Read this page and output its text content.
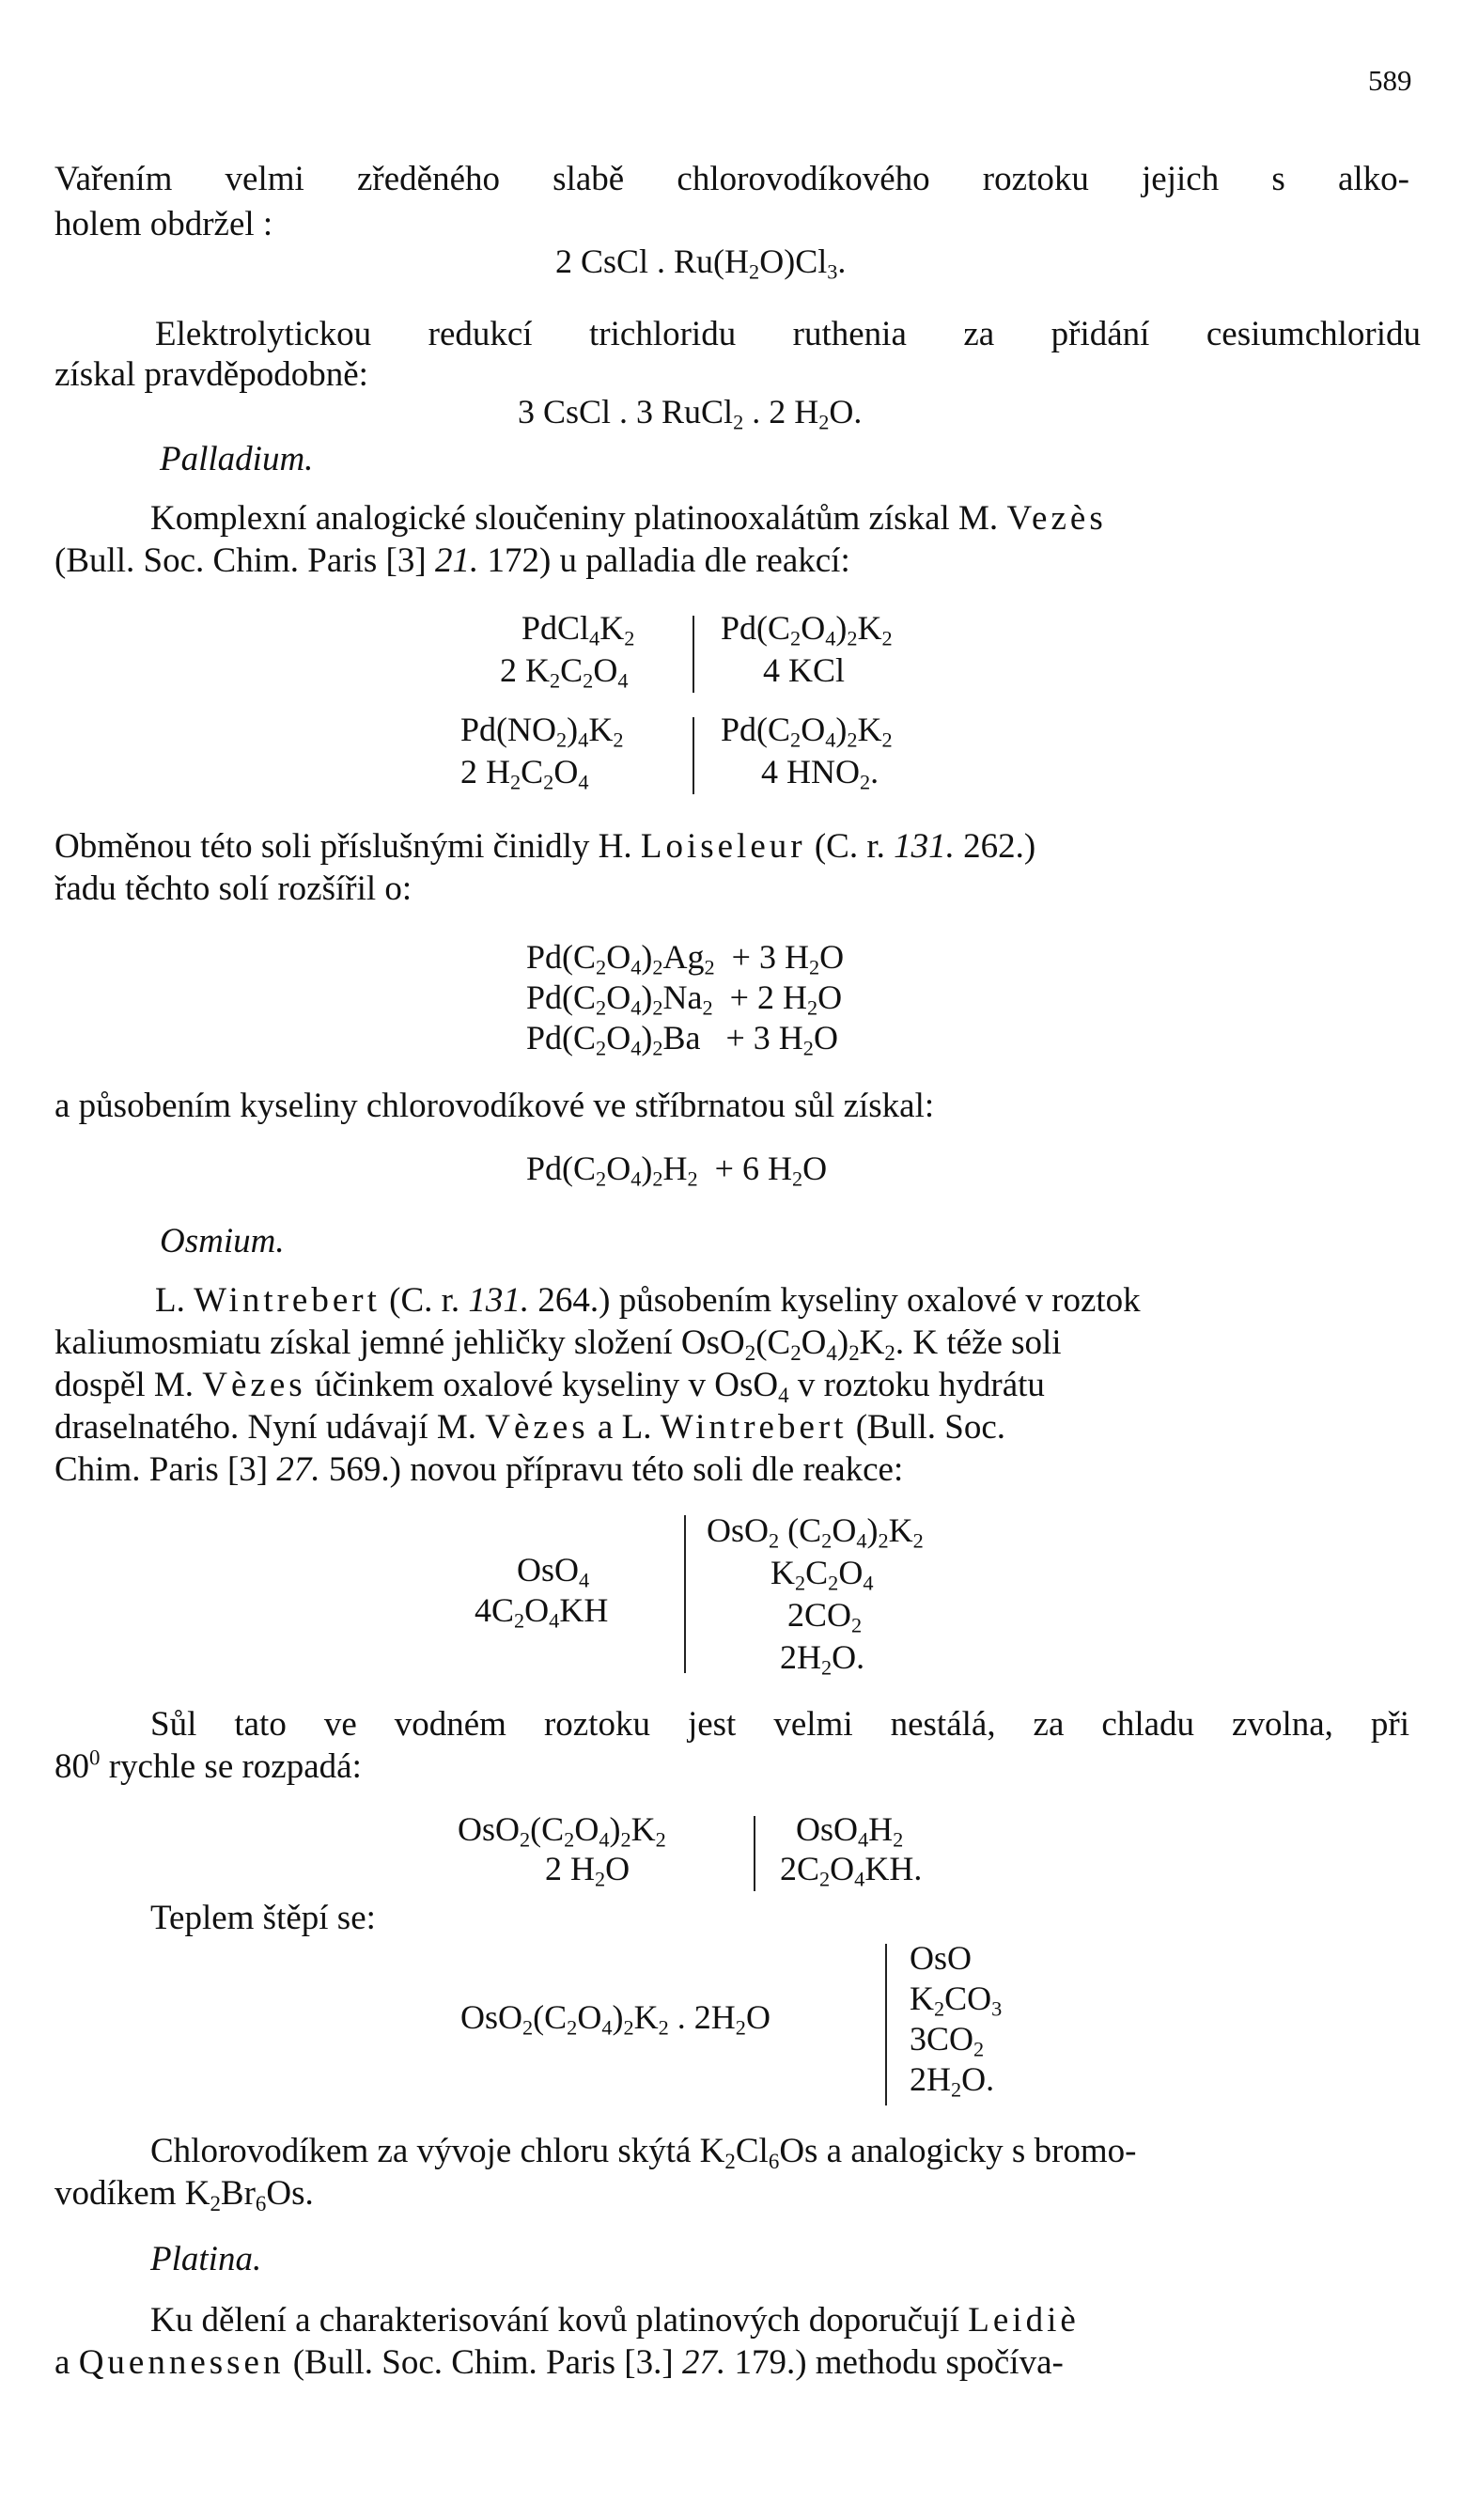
589
Vařením velmi zředěného slabě chlorovodíkového roztoku jejich s alko-
holem obdržel :
2 CsCl . $Ru(H_2O)Cl_3$.
Elektrolytickou redukcí trichloridu ruthenia za přidání cesiumchloridu
získal pravděpodobně:
3 CsCl . 3 RuCl$_2$ . 2 $H_2O$.
Palladium.
Komplexní analogické sloučeniny platinooxalátům získal M. Vezès
(Bull. Soc. Chim. Paris [3] 21. 172) u palladia dle reakcí:
$PdCl_4K_2$
2 $K_2C_2O_4$
$Pd(C_2O_4)_2K_2$
4 KCl
$Pd(NO_2)_4K_2$
2 $H_2C_2O_4$
$Pd(C_2O_4)_2K_2$
4 $HNO_2$.
Obměnou této soli příslušnými činidly H. Loiseleur (C. r. 131. 262.)
řadu těchto solí rozšířil o:
$Pd(C_2O_4)_2Ag_2 + 3$ $H_2O$
$Pd(C_2O_4)_2Na_2 + 2$ $H_2O$
$Pd(C_2O_4)_2Ba + 3$ $H_2O$
a působením kyseliny chlorovodíkové ve stříbrnatou sůl získal:
$Pd(C_2O_4)_2H_2 + 6$ $H_2O$
Osmium.
L. Wintrebert (C. r. 131. 264.) působením kyseliny oxalové v roztok
kaliumosmiatu získal jemné jehličky složení $OsO_2(C_2O_4)_2K_2$. K téže soli
dospěl M. Vèzes účinkem oxalové kyseliny v OsO$_4$ v roztoku hydrátu
draselnatého. Nyní udávají M. Vèzes a L. Wintrebert (Bull. Soc.
Chim. Paris [3] 27. 569.) novou přípravu této soli dle reakce:
OsO$_4$
$4C_2O_4KH$
OsO$_2$ $(C_2O_4)_2K_2$
$K_2C_2O_4$
$2CO_2$
$2H_2O$.
Sůl tato ve vodném roztoku jest velmi nestálá, za chladu zvolna, při
$80^0$ rychle se rozpadá:
$OsO_2(C_2O_4)_2K_2$
2 $H_2O$
$OsO_4H_2$
$2C_2O_4KH$.
Teplem štěpí se:
$OsO_2(C_2O_4)_2K_2$ . $2H_2O$
OsO
$K_2CO_3$
$3CO_2$
$2H_2O$.
Chlorovodíkem za vývoje chloru skýtá $K_2Cl_6Os$ a analogicky s bromo-
vodíkem $K_2Br_6Os$.
Platina.
Ku dělení a charakterisování kovů platinových doporučují Leidiè
a Quennessen (Bull. Soc. Chim. Paris [3.] 27. 179.) methodu spočíva-
